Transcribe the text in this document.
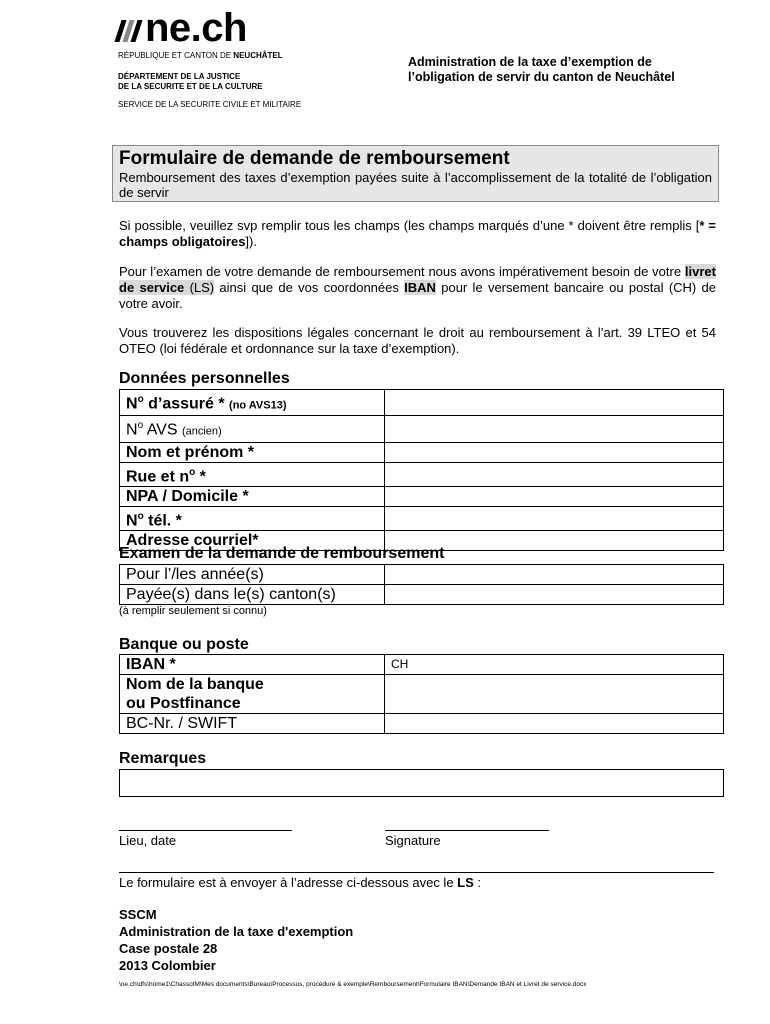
ne.ch
RÉPUBLIQUE ET CANTON DE NEUCHÂTEL
DÉPARTEMENT DE LA JUSTICE
DE LA SECURITE ET DE LA CULTURE
SERVICE DE LA SECURITE CIVILE ET MILITAIRE
Administration de la taxe d’exemption de
l’obligation de servir du canton de Neuchâtel
Formulaire de demande de remboursement

Remboursement des taxes d’exemption payées suite à l’accomplissement de la totalité de l’obligation de servir

Si possible, veuillez svp remplir tous les champs (les champs marqués d’une * doivent être remplis [* = champs obligatoires]).

Pour l’examen de votre demande de remboursement nous avons impérativement besoin de votre livret de service (LS) ainsi que de vos coordonnées IBAN pour le versement bancaire ou postal (CH) de votre avoir.

Vous trouverez les dispositions légales concernant le droit au remboursement à l’art. 39 LTEO et 54 OTEO (loi fédérale et ordonnance sur la taxe d’exemption).

Données personnelles
$N^o$ d’assuré * (no AVS13)	
$N^o$ AVS (ancien)	
Nom et prénom *	
Rue et $n^o$ *	
NPA / Domicile *	
$N^o$ tél. *	
Adresse courriel*	
Examen de la demande de remboursement
Pour l’/les année(s)	
Payée(s) dans le(s) canton(s)	
(à remplir seulement si connu)
Banque ou poste
IBAN *	CH

Nom de la banque
ou Postfinance	

BC-Nr. / SWIFT	
Remarques
Lieu, date	Signature
Le formulaire est à envoyer à l’adresse ci-dessous avec le LS :
SSCM
Administration de la taxe d'exemption
Case postale 28
2013 Colombier
\ne.ch\dfs\home1\ChassotM\Mes documents\Bureau\Processus, procédure & exemple\Remboursement\Formulaire IBAN\Demande IBAN et Livret de service.docx
